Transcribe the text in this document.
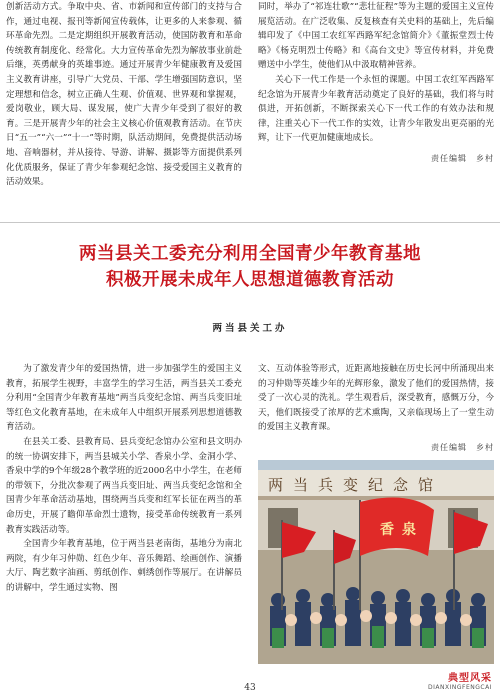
创新活动方式。争取中央、省、市新闻和宣传部门的支持与合作，通过电视、报刊等新闻宣传载体，让更多的人来参观、循环革命先烈。二是定期组织开展教育活动，使国防教育和革命传统教育制度化、经常化。大力宣传革命先烈为解放事业前赴后继，英勇献身的英雄事迹。通过开展青少年健康教育及爱国主义教育讲座，引导广大党员、干部、学生增强国防意识，坚定理想和信念，树立正确人生观、价值观、世界观和掌握观，爱岗敬业，顾大局、谋发展，使广大青少年受到了很好的教育。三是开展青少年的社会主义核心价值观教育活动。在节庆日“五一”“六一”“十一”等时期，队活动期间，免费提供活动场地、音响器材，并从接待、导游、讲解、摄影等方面提供系列化优质服务，保证了青少年参观纪念馆、接受爱国主义教育的活动效果。

同时，举办了“祁连壮歌”“悲壮征程”等为主题的爱国主义宣传展览活动。在广泛收集、反复核查有关史料的基础上，先后编辑印发了《中国工农红军西路军纪念馆简介》《董振堂烈士传略》《杨克明烈士传略》和《高台文史》等宣传材料，并免费赠送中小学生，使他们从中汲取精神营养。

关心下一代工作是一个永恒的课题。中国工农红军西路军纪念馆为开展青少年教育活动奠定了良好的基础，我们将与时俱进，开拓创新，不断探索关心下一代工作的有效办法和规律，注重关心下一代工作的实效，让青少年散发出更亮丽的光辉，让下一代更加健康地成长。

责任编辑　乡村
两当县关工委充分利用全国青少年教育基地
积极开展未成年人思想道德教育活动
两当县关工办

为了激发青少年的爱国热情，进一步加强学生的爱国主义教育，拓展学生视野，丰富学生的学习生活，两当县关工委充分利用“全国青少年教育基地”两当兵变纪念馆、两当兵变旧址等红色文化教育基地，在未成年人中组织开展系列思想道德教育活动。

在县关工委、县教育局、县兵变纪念馆办公室和县文明办的统一协调安排下，两当县城关小学、香泉小学、金洞小学、香泉中学的9个年级28个教学班的近2000名中小学生，在老师的带领下，分批次参观了两当兵变旧址、两当兵变纪念馆和全国青少年革命活动基地，围绕两当兵变和红军长征在两当的革命历史，开展了瞻仰革命烈士遗物，接受革命传统教育一系列教育实践活动等。

全国青少年教育基地，位于两当县老南街，基地分为南北两院，有少年习仲勋、红色少年、音乐舞蹈、绘画创作、演播大厅、陶艺数字油画、剪纸创作、刺绣创作等展厅。在讲解员的讲解中，学生通过实物、图

文、互动体验等形式，近距离地接触在历史长河中所涌现出来的习仲勋等英雄少年的光辉形象，激发了他们的爱国热情，接受了一次心灵的洗礼。学生观看后，深受教育，感慨万分，今天，他们既接受了浓厚的艺术熏陶，又亲临现场上了一堂生动的爱国主义教育课。

责任编辑　乡村
两当兵变纪念馆
香泉
43
典型风采
DIANXINGFENGCAI
